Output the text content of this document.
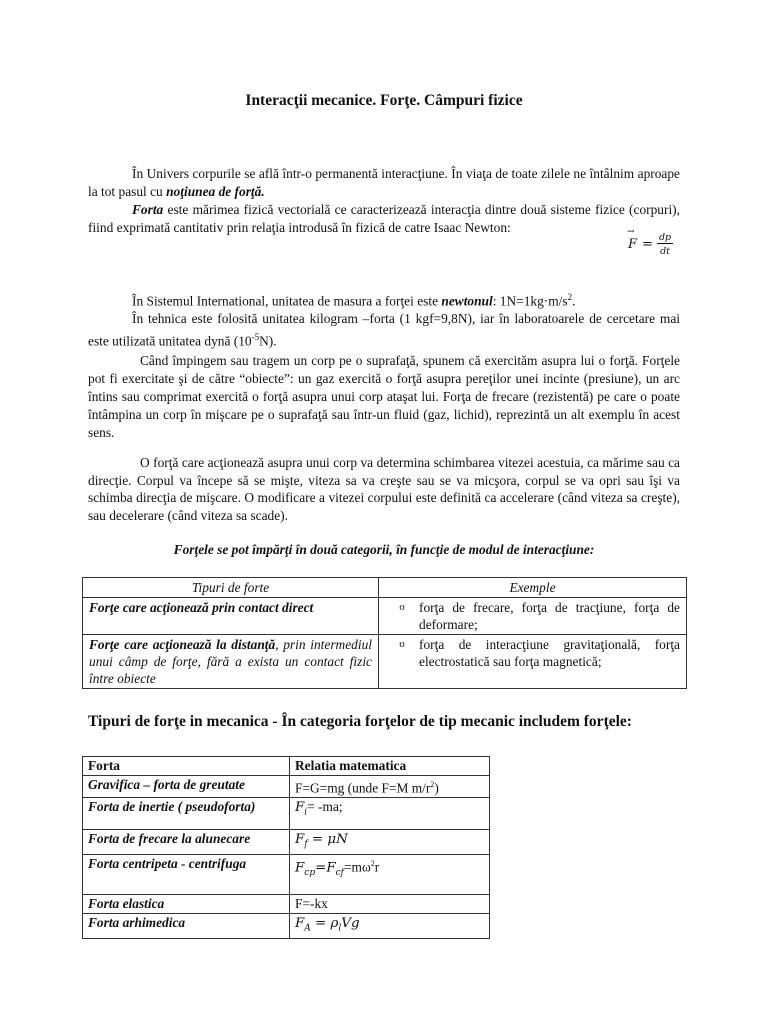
Interacţii mecanice. Forţe. Câmpuri fizice

În Univers corpurile se află într-o permanentă interacţiune. În viaţa de toate zilele ne întâlnim aproape la tot pasul cu noţiunea de forţă.

Forta este mărimea fizică vectorială ce caracterizează interacţia dintre două sisteme fizice (corpuri), fiind exprimată cantitativ prin relaţia introdusă în fizică de catre Isaac Newton:

→ $F = \frac{dp}{dt}$

În Sistemul International, unitatea de masura a forţei este newtonul: $1N=1kg\cdot m/s^2$.

În tehnica este folosită unitatea kilogram –forta (1 kgf=9,8N), iar în laboratoarele de cercetare mai este utilizată unitatea dynă $(10^{-5}N)$.

Când împingem sau tragem un corp pe o suprafaţă, spunem că exercităm asupra lui o forţă. Forţele pot fi exercitate şi de către “obiecte”: un gaz exercită o forţă asupra pereţilor unei incinte (presiune), un arc întins sau comprimat exercită o forţă asupra unui corp ataşat lui. Forţa de frecare (rezistentă) pe care o poate întâmpina un corp în mişcare pe o suprafaţă sau într-un fluid (gaz, lichid), reprezintă un alt exemplu în acest sens.

O forţă care acţionează asupra unui corp va determina schimbarea vitezei acestuia, ca mărime sau ca direcţie. Corpul va începe să se mişte, viteza sa va creşte sau se va micşora, corpul se va opri sau îşi va schimba direcţia de mişcare. O modificare a vitezei corpului este definită ca accelerare (când viteza sa creşte), sau decelerare (când viteza sa scade).

Forţele se pot împărţi în două categorii, în funcţie de modul de interacţiune:
Tipuri de forte	Exemple
Forţe care acţionează prin contact direct	o forţa de frecare, forţa de tracţiune, forţa de deformare;

Forţe care acţionează la distanţă, prin intermediul unui câmp de forţe, fără a exista un contact fizic între obiecte	o forţa de interacţiune gravitaţională, forţa electrostatică sau forţa magnetică;
Tipuri de forţe in mecanica - În categoria forţelor de tip mecanic includem forţele:
Forta	Relatia matematica
Gravifica – forta de greutate	F=G=mg (unde F=M $m/r^2$)
Forta de inertie ( pseudoforta)	$F_i= -ma$;
Forta de frecare la alunecare	$F_f = \mu N$
Forta centripeta - centrifuga	$F_{cp}=F_{cf}=m\omega^2r$
Forta elastica	F=-kx
Forta arhimedica	$F_A = \rho_lVg$
